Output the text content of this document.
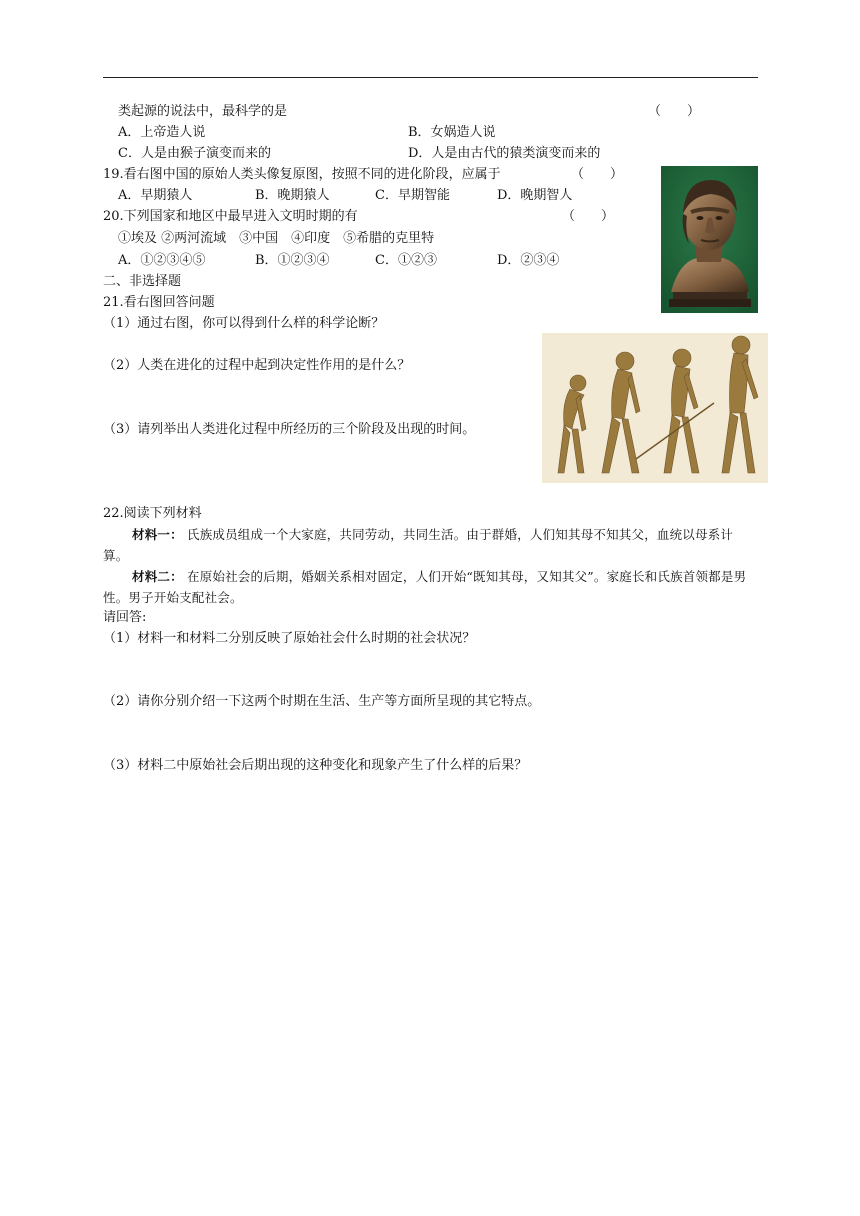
类起源的说法中，最科学的是	（　　）
A．上帝造人说	B．女娲造人说
C．人是由猴子演变而来的	D．人是由古代的猿类演变而来的
19.看右图中国的原始人类头像复原图，按照不同的进化阶段，应属于	（　　）
A．早期猿人	B．晚期猿人	C．早期智能	D．晚期智人
20.下列国家和地区中最早进入文明时期的有	（　　）
①埃及 ②两河流域　③中国　④印度　⑤希腊的克里特
A．①②③④⑤	B．①②③④	C．①②③	D．②③④
二、非选择题
21.看右图回答问题
（1）通过右图，你可以得到什么样的科学论断？
（2）人类在进化的过程中起到决定性作用的是什么？
（3）请列举出人类进化过程中所经历的三个阶段及出现的时间。
22.阅读下列材料
材料一： 氏族成员组成一个大家庭，共同劳动，共同生活。由于群婚，人们知其母不知其父，血统以母系计算。
材料二： 在原始社会的后期，婚姻关系相对固定，人们开始“既知其母，又知其父”。家庭长和氏族首领都是男性。男子开始支配社会。
请回答:
（1）材料一和材料二分别反映了原始社会什么时期的社会状况？
（2）请你分别介绍一下这两个时期在生活、生产等方面所呈现的其它特点。
（3）材料二中原始社会后期出现的这种变化和现象产生了什么样的后果？
